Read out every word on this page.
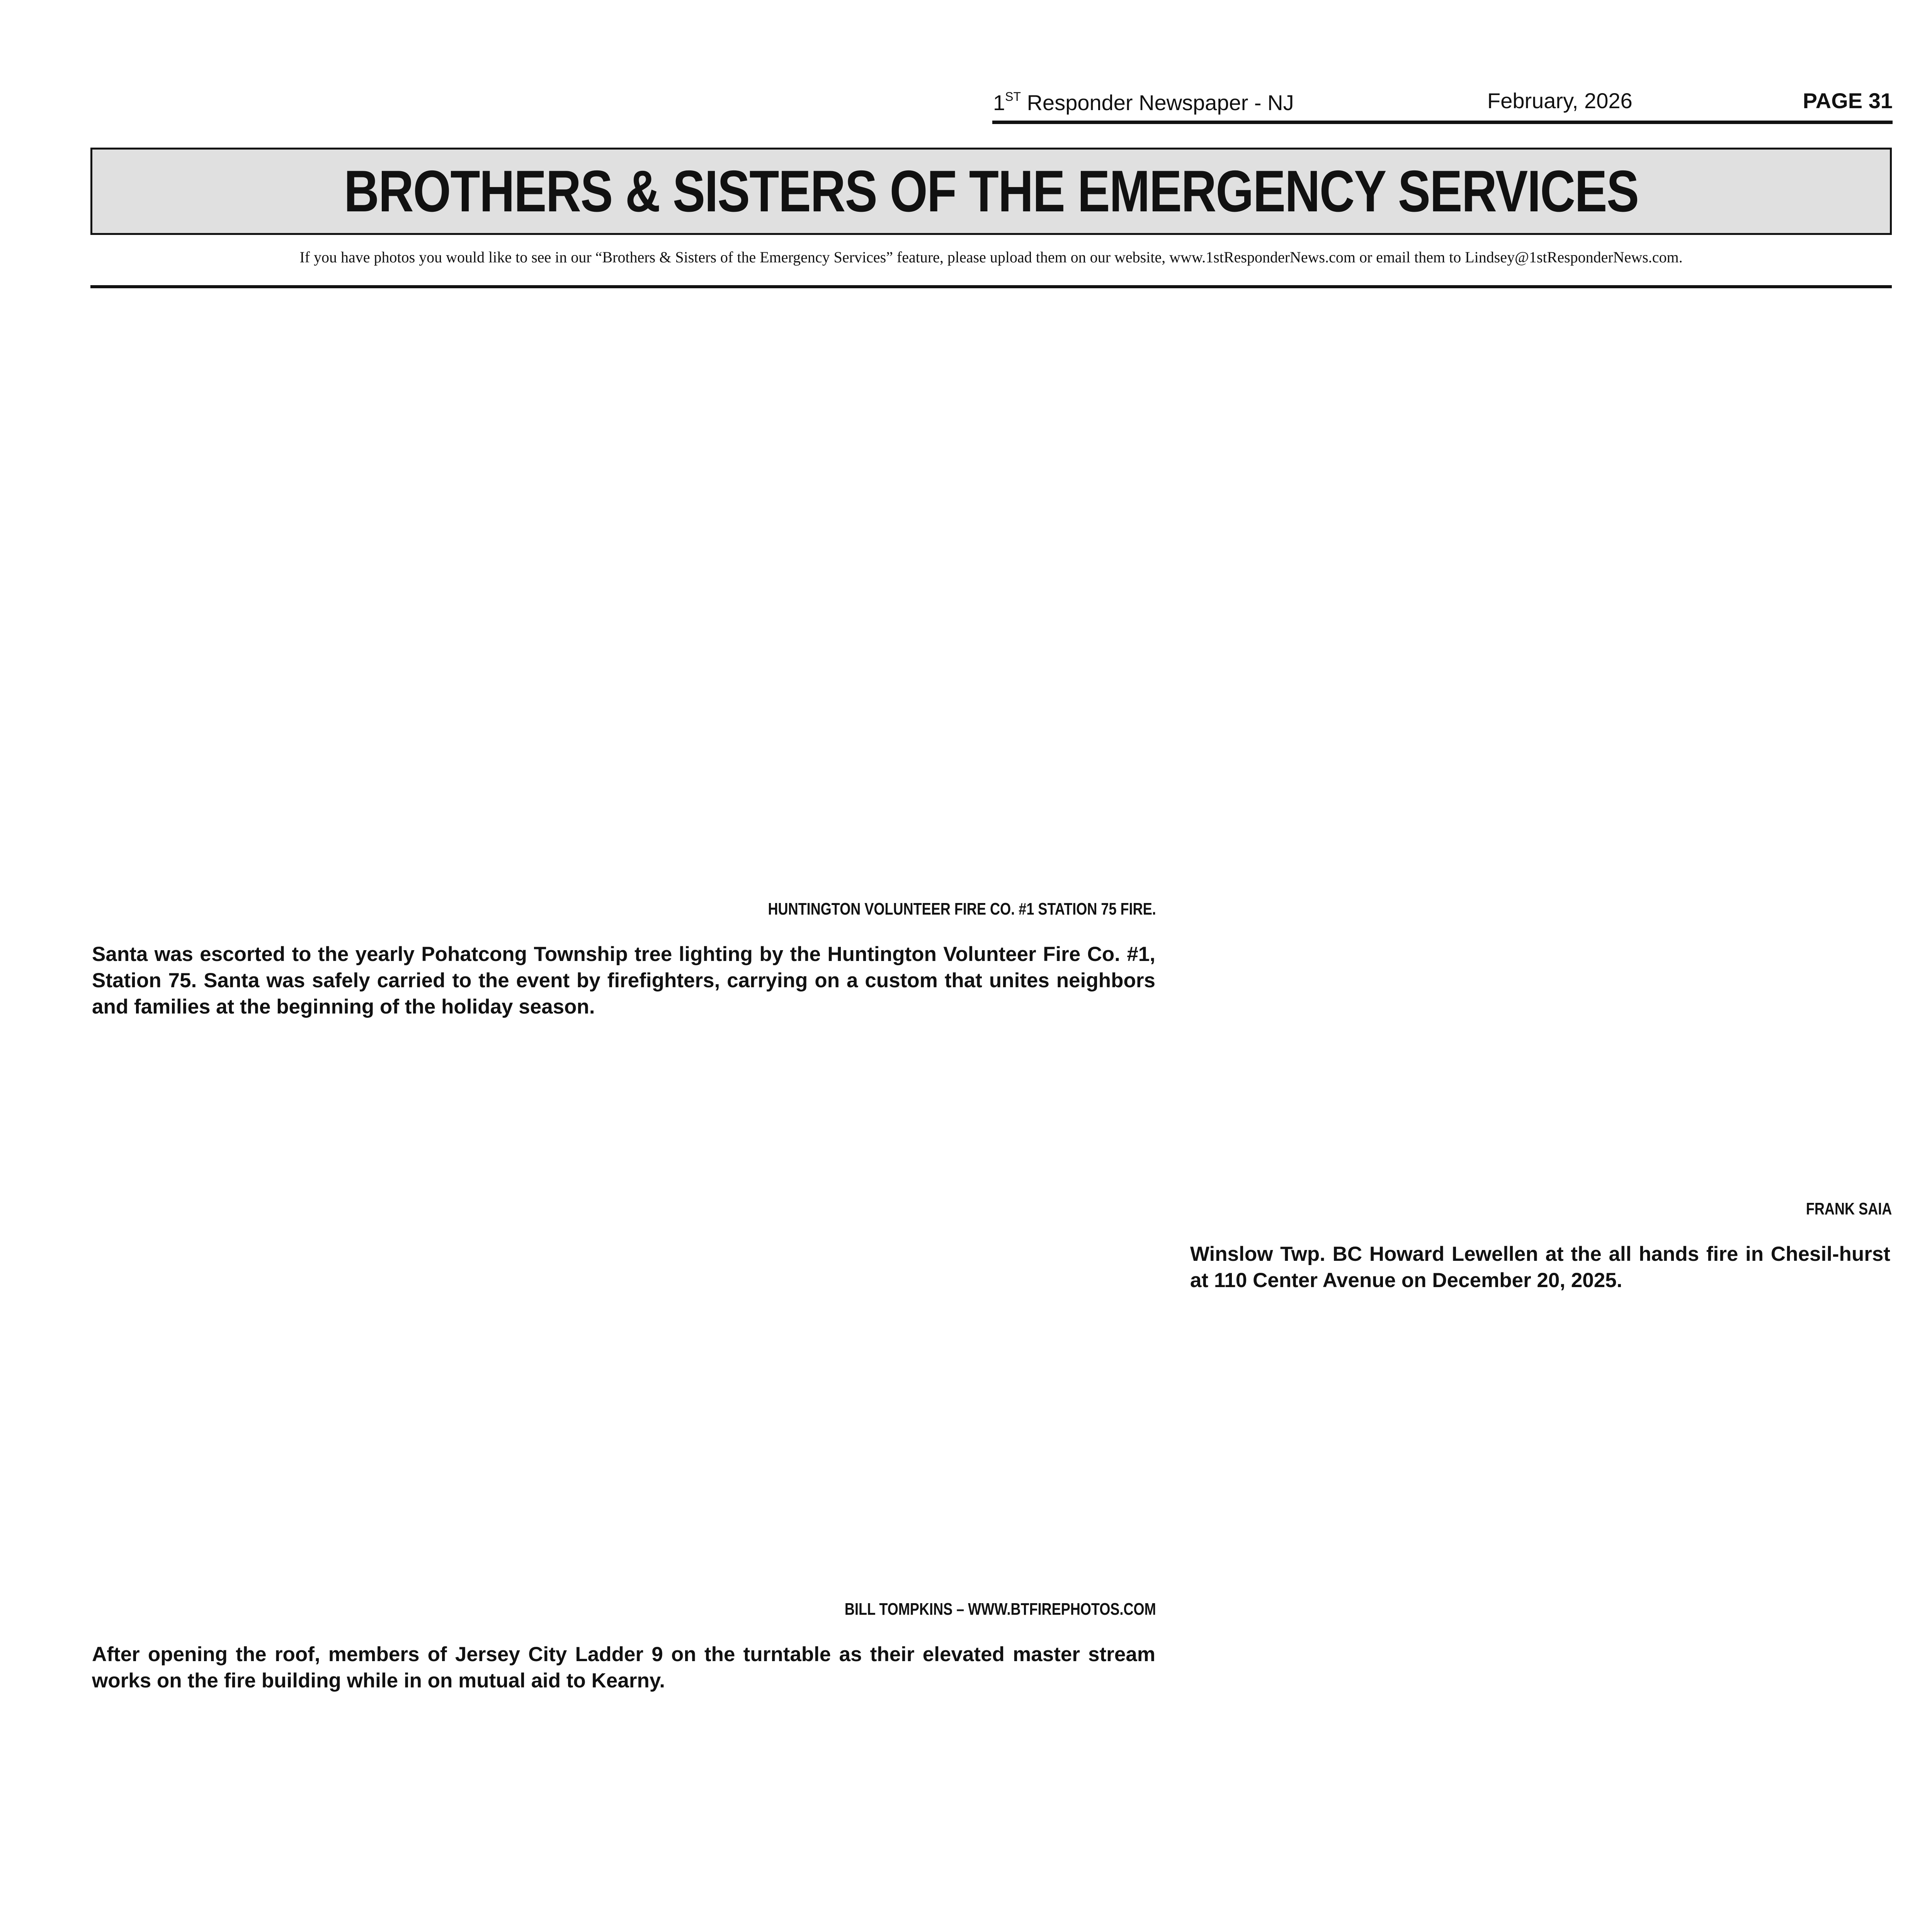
1ST Responder Newspaper - NJ	February, 2026	PAGE 31
BROTHERS & SISTERS OF THE EMERGENCY SERVICES
If you have photos you would like to see in our “Brothers & Sisters of the Emergency Services” feature, please upload them on our website, www.1stResponderNews.com or email them to Lindsey@1stResponderNews.com.
HUNTINGTON VOLUNTEER FIRE CO. #1 STATION 75 FIRE.
Santa was escorted to the yearly Pohatcong Township tree lighting by the Huntington Volunteer Fire Co. #1, Station 75. Santa was safely carried to the event by firefighters, carrying on a custom that unites neighbors and families at the beginning of the holiday season.
FRANK SAIA
Winslow Twp. BC Howard Lewellen at the all hands fire in Chesil-hurst at 110 Center Avenue on December 20, 2025.
BILL TOMPKINS – WWW.BTFIREPHOTOS.COM
After opening the roof, members of Jersey City Ladder 9 on the turntable as their elevated master stream works on the fire building while in on mutual aid to Kearny.
